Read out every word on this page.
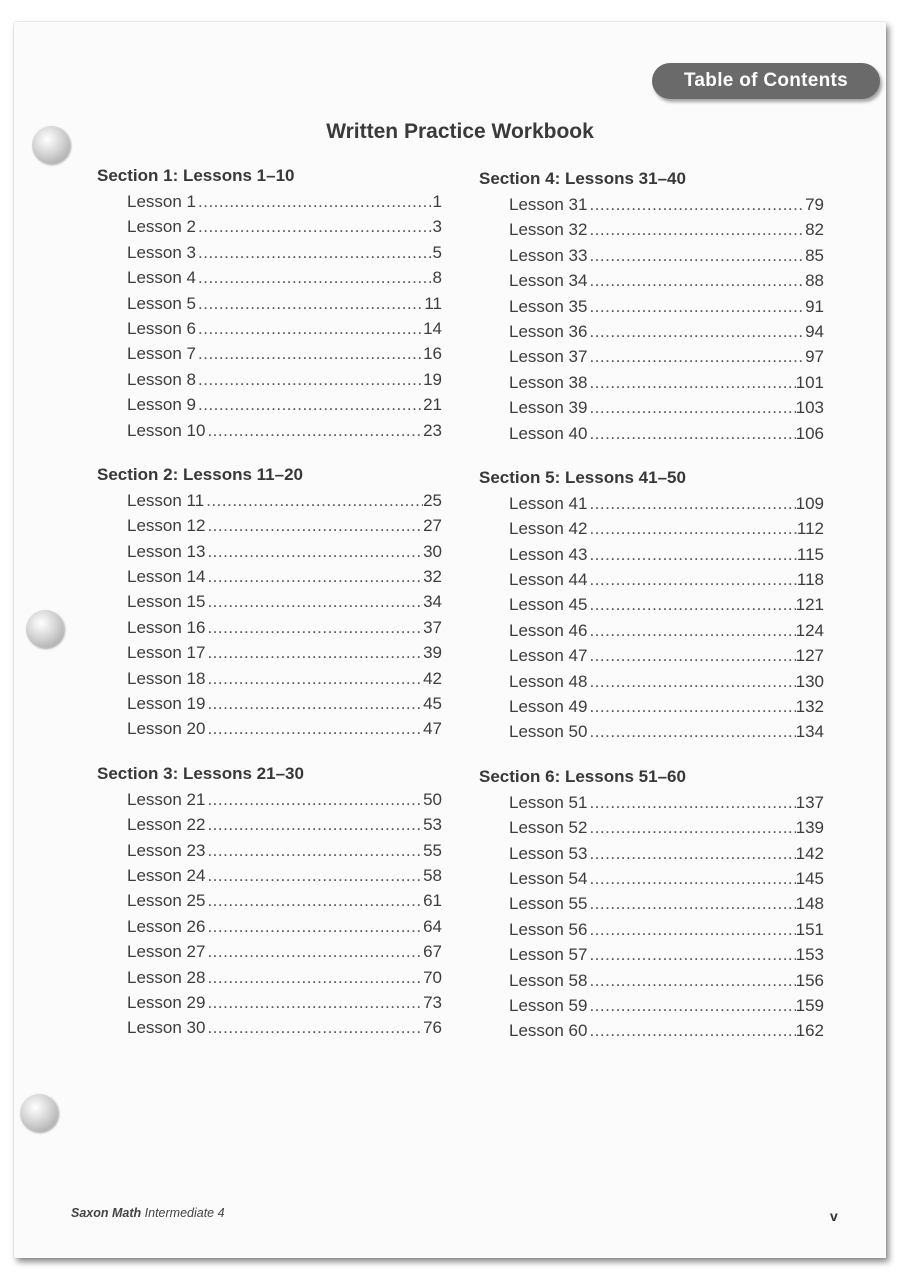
Table of Contents
Written Practice Workbook
Section 1: Lessons 1–10
Lesson 1 .....	1
Lesson 2 .....	3
Lesson 3 .....	5
Lesson 4 .....	8
Lesson 5 .....	11
Lesson 6 .....	14
Lesson 7 .....	16
Lesson 8 .....	19
Lesson 9 .....	21
Lesson 10 .....	23
Section 2: Lessons 11–20
Lesson 11 .....	25
Lesson 12 .....	27
Lesson 13 .....	30
Lesson 14 .....	32
Lesson 15 .....	34
Lesson 16 .....	37
Lesson 17 .....	39
Lesson 18 .....	42
Lesson 19 .....	45
Lesson 20 .....	47
Section 3: Lessons 21–30
Lesson 21 .....	50
Lesson 22 .....	53
Lesson 23 .....	55
Lesson 24 .....	58
Lesson 25 .....	61
Lesson 26 .....	64
Lesson 27 .....	67
Lesson 28 .....	70
Lesson 29 .....	73
Lesson 30 .....	76
Section 4: Lessons 31–40
Lesson 31 .....	79
Lesson 32 .....	82
Lesson 33 .....	85
Lesson 34 .....	88
Lesson 35 .....	91
Lesson 36 .....	94
Lesson 37 .....	97
Lesson 38 .....	101
Lesson 39 .....	103
Lesson 40 .....	106
Section 5: Lessons 41–50
Lesson 41 .....	109
Lesson 42 .....	112
Lesson 43 .....	115
Lesson 44 .....	118
Lesson 45 .....	121
Lesson 46 .....	124
Lesson 47 .....	127
Lesson 48 .....	130
Lesson 49 .....	132
Lesson 50 .....	134
Section 6: Lessons 51–60
Lesson 51 .....	137
Lesson 52 .....	139
Lesson 53 .....	142
Lesson 54 .....	145
Lesson 55 .....	148
Lesson 56 .....	151
Lesson 57 .....	153
Lesson 58 .....	156
Lesson 59 .....	159
Lesson 60 .....	162
Saxon Math Intermediate 4	v
